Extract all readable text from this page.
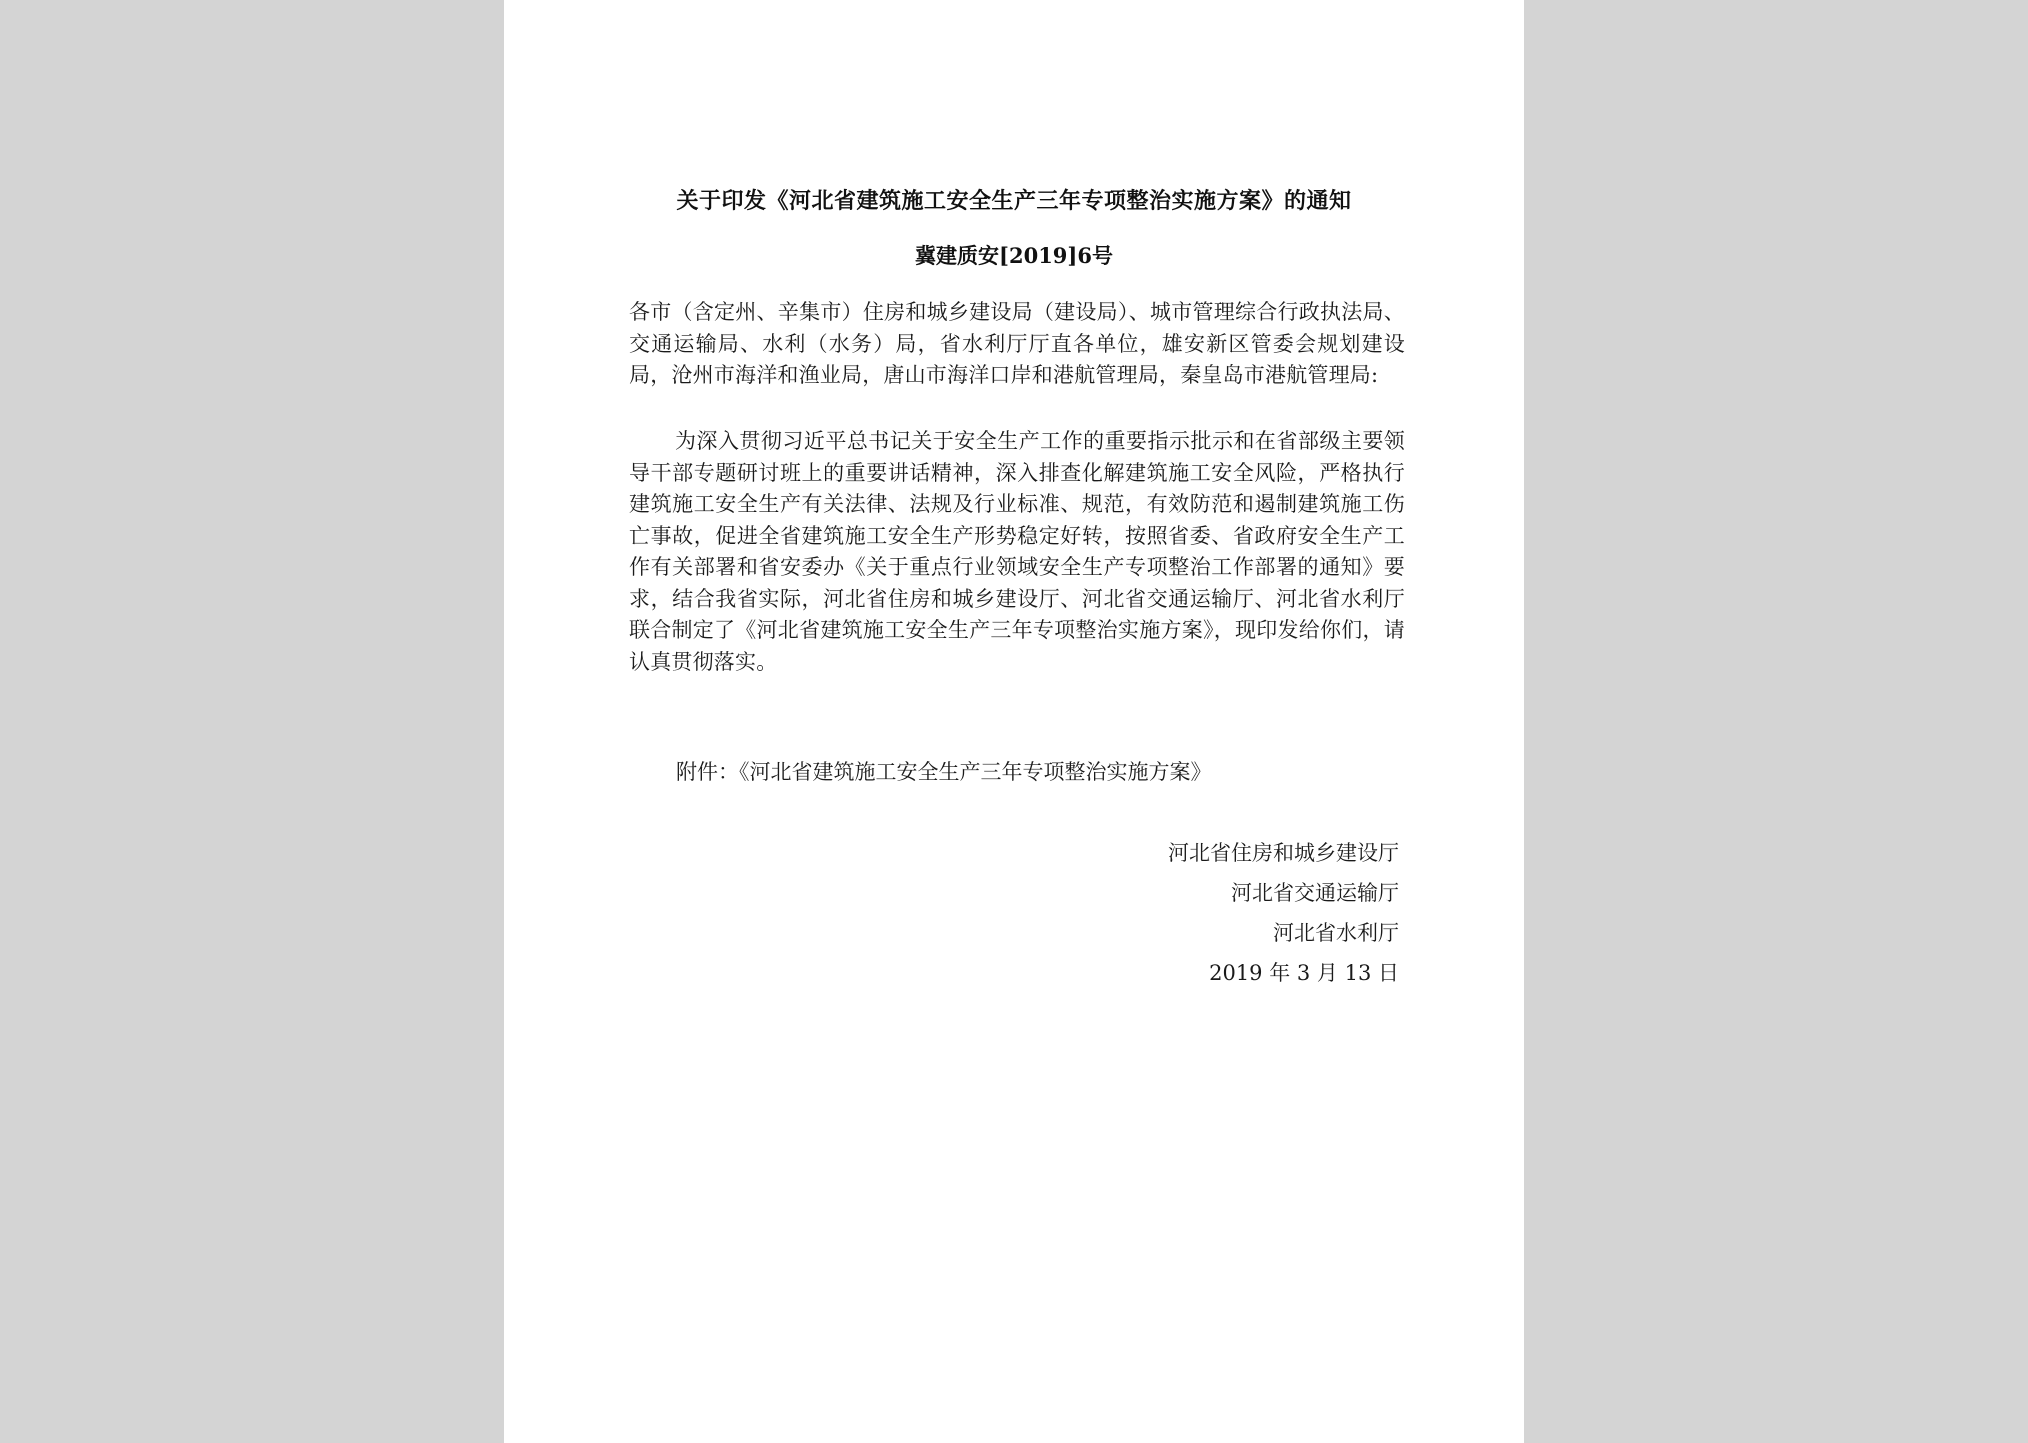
关于印发《河北省建筑施工安全生产三年专项整治实施方案》的通知
冀建质安[2019]6号
各市（含定州、辛集市）住房和城乡建设局（建设局）、城市管理综合行政执法局、交通运输局、水利（水务）局，省水利厅厅直各单位，雄安新区管委会规划建设局，沧州市海洋和渔业局，唐山市海洋口岸和港航管理局，秦皇岛市港航管理局:
为深入贯彻习近平总书记关于安全生产工作的重要指示批示和在省部级主要领导干部专题研讨班上的重要讲话精神，深入排查化解建筑施工安全风险，严格执行建筑施工安全生产有关法律、法规及行业标准、规范，有效防范和遏制建筑施工伤亡事故，促进全省建筑施工安全生产形势稳定好转，按照省委、省政府安全生产工作有关部署和省安委办《关于重点行业领域安全生产专项整治工作部署的通知》要求，结合我省实际，河北省住房和城乡建设厅、河北省交通运输厅、河北省水利厅联合制定了《河北省建筑施工安全生产三年专项整治实施方案》，现印发给你们，请认真贯彻落实。
附件：《河北省建筑施工安全生产三年专项整治实施方案》
河北省住房和城乡建设厅
河北省交通运输厅
河北省水利厅
2019 年 3 月 13 日
